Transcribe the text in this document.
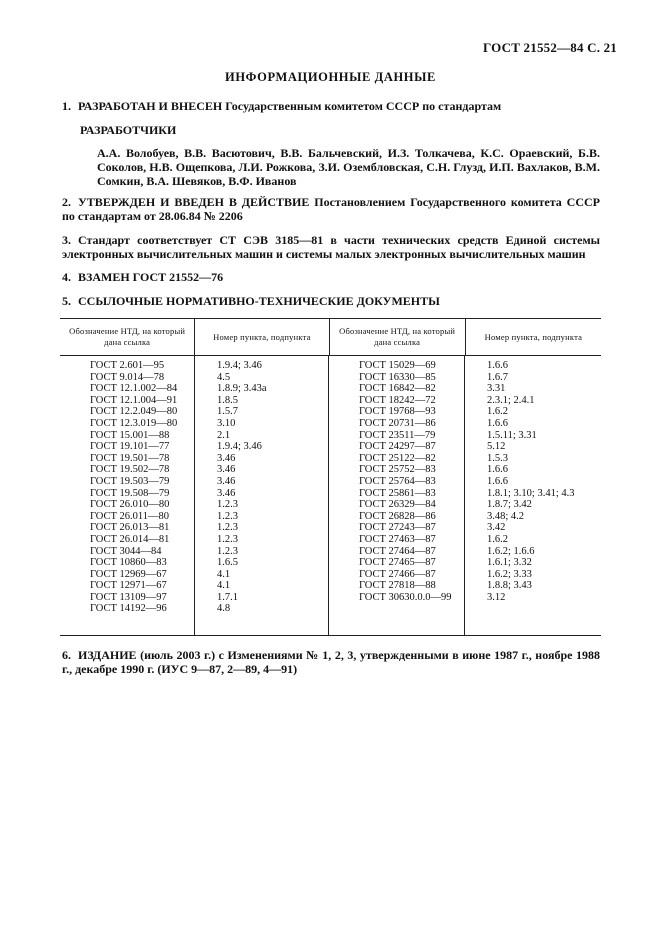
ГОСТ 21552—84 С. 21
ИНФОРМАЦИОННЫЕ ДАННЫЕ
1. РАЗРАБОТАН И ВНЕСЕН Государственным комитетом СССР по стандартам
РАЗРАБОТЧИКИ
А.А. Волобуев, В.В. Васютович, В.В. Бальчевский, И.З. Толкачева, К.С. Ораевский, Б.В. Соколов, Н.В. Ощепкова, Л.И. Рожкова, З.И. Озембловская, С.Н. Глузд, И.П. Вахлаков, В.М. Сомкин, В.А. Шевяков, В.Ф. Иванов
2. УТВЕРЖДЕН И ВВЕДЕН В ДЕЙСТВИЕ Постановлением Государственного комитета СССР по стандартам от 28.06.84 № 2206
3. Стандарт соответствует СТ СЭВ 3185—81 в части технических средств Единой системы электронных вычислительных машин и системы малых электронных вычислительных машин
4. ВЗАМЕН ГОСТ 21552—76
5. ССЫЛОЧНЫЕ НОРМАТИВНО-ТЕХНИЧЕСКИЕ ДОКУМЕНТЫ
Обозначение НТД, на который дана ссылка
Номер пункта, подпункта
Обозначение НТД, на который дана ссылка
Номер пункта, подпункта
ГОСТ 2.601—95
ГОСТ 9.014—78
ГОСТ 12.1.002—84
ГОСТ 12.1.004—91
ГОСТ 12.2.049—80
ГОСТ 12.3.019—80
ГОСТ 15.001—88
ГОСТ 19.101—77
ГОСТ 19.501—78
ГОСТ 19.502—78
ГОСТ 19.503—79
ГОСТ 19.508—79
ГОСТ 26.010—80
ГОСТ 26.011—80
ГОСТ 26.013—81
ГОСТ 26.014—81
ГОСТ 3044—84
ГОСТ 10860—83
ГОСТ 12969—67
ГОСТ 12971—67
ГОСТ 13109—97
ГОСТ 14192—96
1.9.4; 3.46
4.5
1.8.9; 3.43а
1.8.5
1.5.7
3.10
2.1
1.9.4; 3.46
3.46
3.46
3.46
3.46
1.2.3
1.2.3
1.2.3
1.2.3
1.2.3
1.6.5
4.1
4.1
1.7.1
4.8
ГОСТ 15029—69
ГОСТ 16330—85
ГОСТ 16842—82
ГОСТ 18242—72
ГОСТ 19768—93
ГОСТ 20731—86
ГОСТ 23511—79
ГОСТ 24297—87
ГОСТ 25122—82
ГОСТ 25752—83
ГОСТ 25764—83
ГОСТ 25861—83
ГОСТ 26329—84
ГОСТ 26828—86
ГОСТ 27243—87
ГОСТ 27463—87
ГОСТ 27464—87
ГОСТ 27465—87
ГОСТ 27466—87
ГОСТ 27818—88
ГОСТ 30630.0.0—99
1.6.6
1.6.7
3.31
2.3.1; 2.4.1
1.6.2
1.6.6
1.5.11; 3.31
5.12
1.5.3
1.6.6
1.6.6
1.8.1; 3.10; 3.41; 4.3
1.8.7; 3.42
3.48; 4.2
3.42
1.6.2
1.6.2; 1.6.6
1.6.1; 3.32
1.6.2; 3.33
1.8.8; 3.43
3.12
6. ИЗДАНИЕ (июль 2003 г.) с Изменениями № 1, 2, 3, утвержденными в июне 1987 г., ноябре 1988 г., декабре 1990 г. (ИУС 9—87, 2—89, 4—91)
